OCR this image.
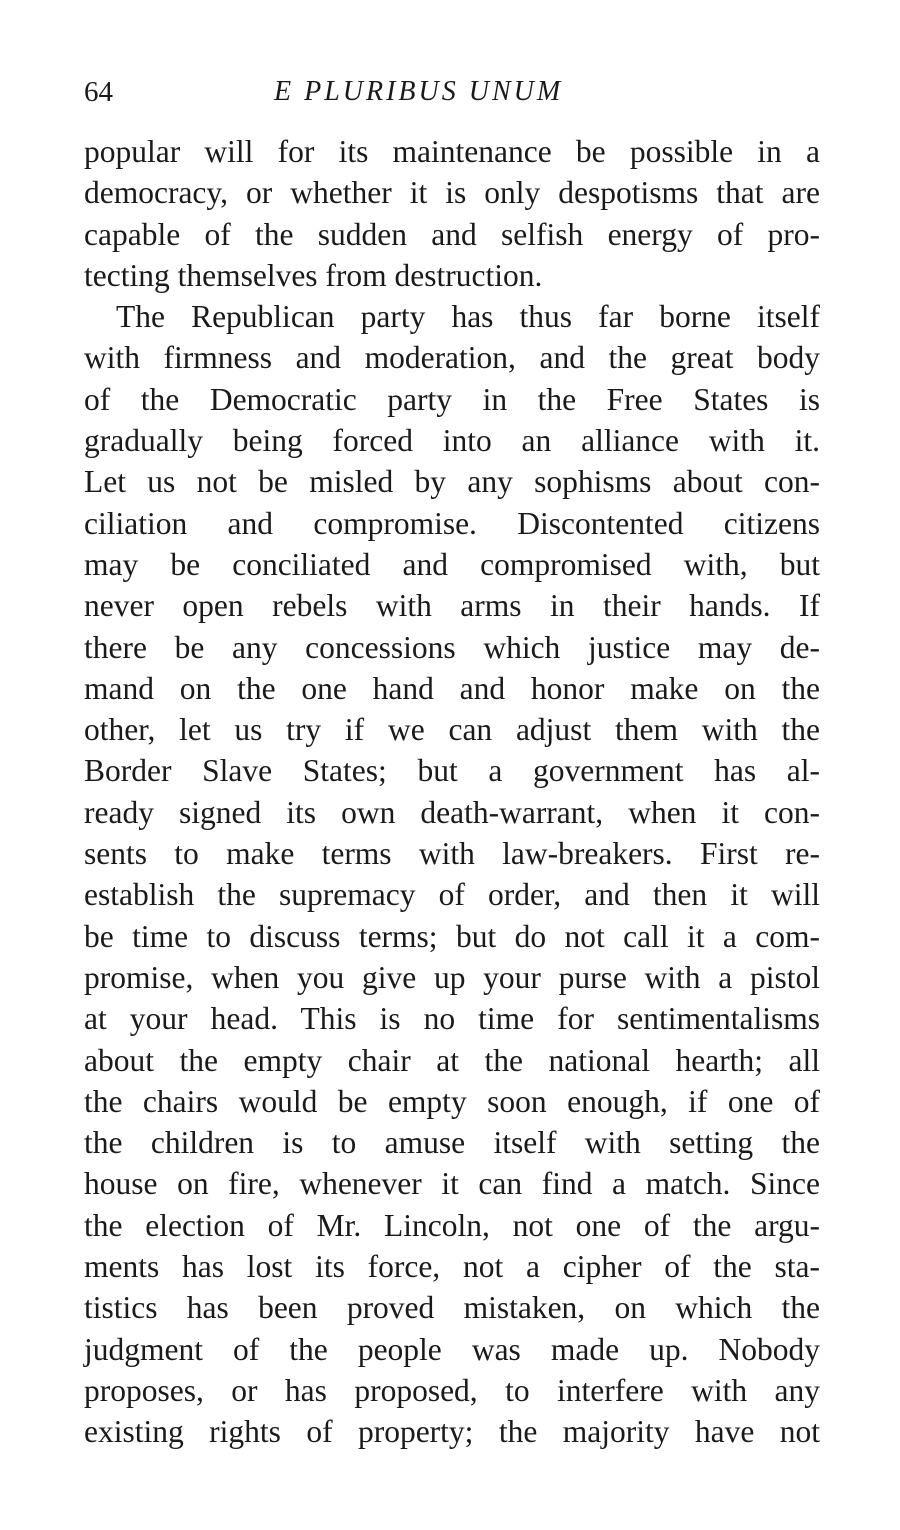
64	E PLURIBUS UNUM
popular will for its maintenance be possible in a
democracy, or whether it is only despotisms that are
capable of the sudden and selfish energy of pro-
tecting themselves from destruction.
The Republican party has thus far borne itself
with firmness and moderation, and the great body
of the Democratic party in the Free States is
gradually being forced into an alliance with it.
Let us not be misled by any sophisms about con-
ciliation and compromise. Discontented citizens
may be conciliated and compromised with, but
never open rebels with arms in their hands. If
there be any concessions which justice may de-
mand on the one hand and honor make on the
other, let us try if we can adjust them with the
Border Slave States; but a government has al-
ready signed its own death-warrant, when it con-
sents to make terms with law-breakers. First re-
establish the supremacy of order, and then it will
be time to discuss terms; but do not call it a com-
promise, when you give up your purse with a pistol
at your head. This is no time for sentimentalisms
about the empty chair at the national hearth; all
the chairs would be empty soon enough, if one of
the children is to amuse itself with setting the
house on fire, whenever it can find a match. Since
the election of Mr. Lincoln, not one of the argu-
ments has lost its force, not a cipher of the sta-
tistics has been proved mistaken, on which the
judgment of the people was made up. Nobody
proposes, or has proposed, to interfere with any
existing rights of property; the majority have not
